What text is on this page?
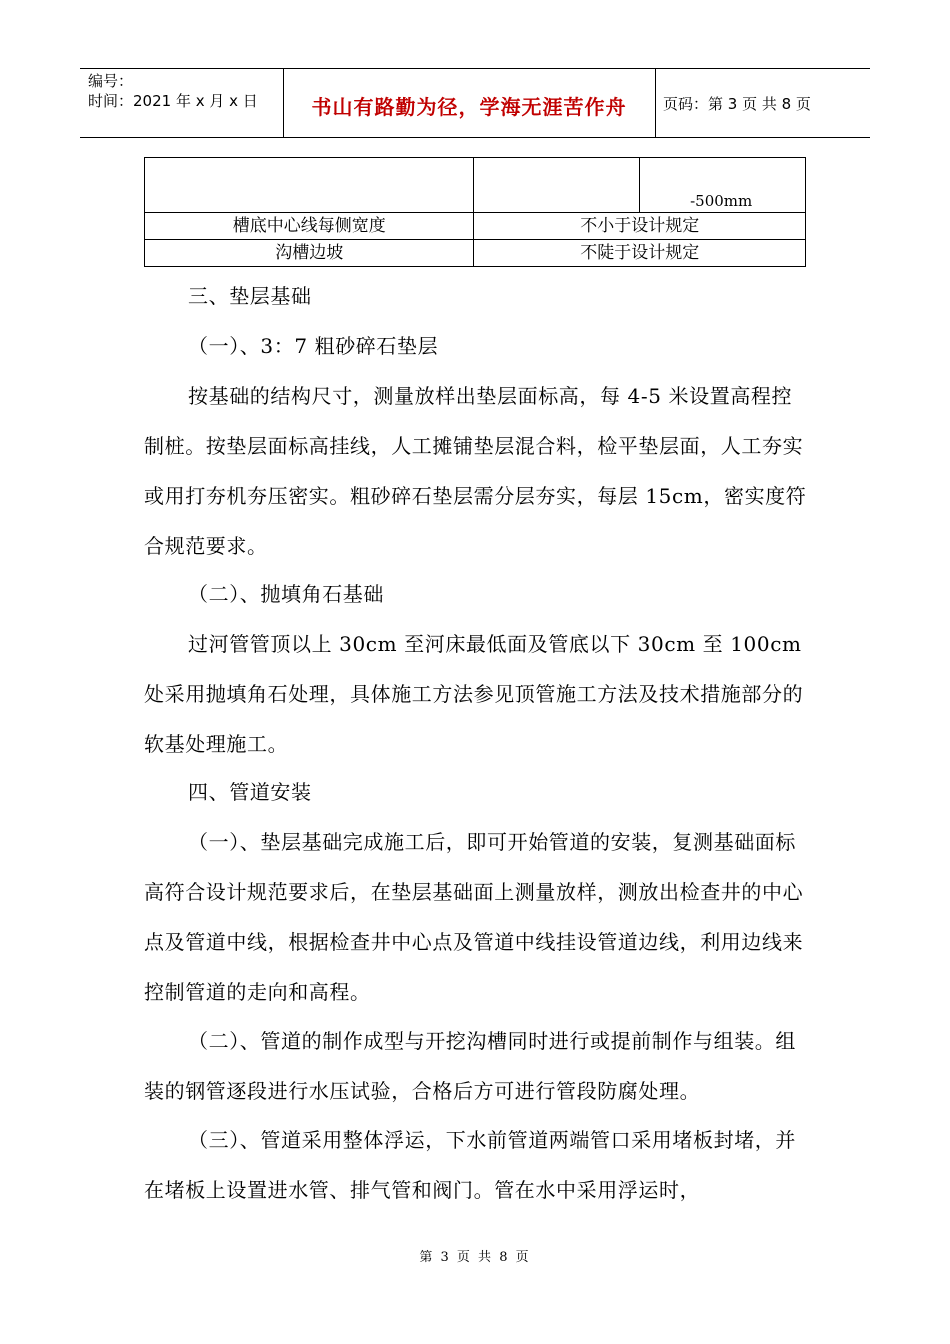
编号：
时间：2021 年 x 月 x 日	书山有路勤为径，学海无涯苦作舟	页码：第 3 页 共 8 页
		-500mm
槽底中心线每侧宽度	不小于设计规定	
沟槽边坡	不陡于设计规定	
三、垫层基础
（一）、3：7 粗砂碎石垫层
按基础的结构尺寸，测量放样出垫层面标高，每 4-5 米设置高程控制桩。按垫层面标高挂线，人工摊铺垫层混合料，检平垫层面，人工夯实或用打夯机夯压密实。粗砂碎石垫层需分层夯实，每层 15cm，密实度符合规范要求。
（二）、抛填角石基础
过河管管顶以上 30cm 至河床最低面及管底以下 30cm 至 100cm 处采用抛填角石处理，具体施工方法参见顶管施工方法及技术措施部分的软基处理施工。
四、管道安装
（一）、垫层基础完成施工后，即可开始管道的安装，复测基础面标高符合设计规范要求后，在垫层基础面上测量放样，测放出检查井的中心点及管道中线，根据检查井中心点及管道中线挂设管道边线，利用边线来控制管道的走向和高程。
（二）、管道的制作成型与开挖沟槽同时进行或提前制作与组装。组装的钢管逐段进行水压试验，合格后方可进行管段防腐处理。
（三）、管道采用整体浮运，下水前管道两端管口采用堵板封堵，并在堵板上设置进水管、排气管和阀门。管在水中采用浮运时，
第 3 页 共 8 页
